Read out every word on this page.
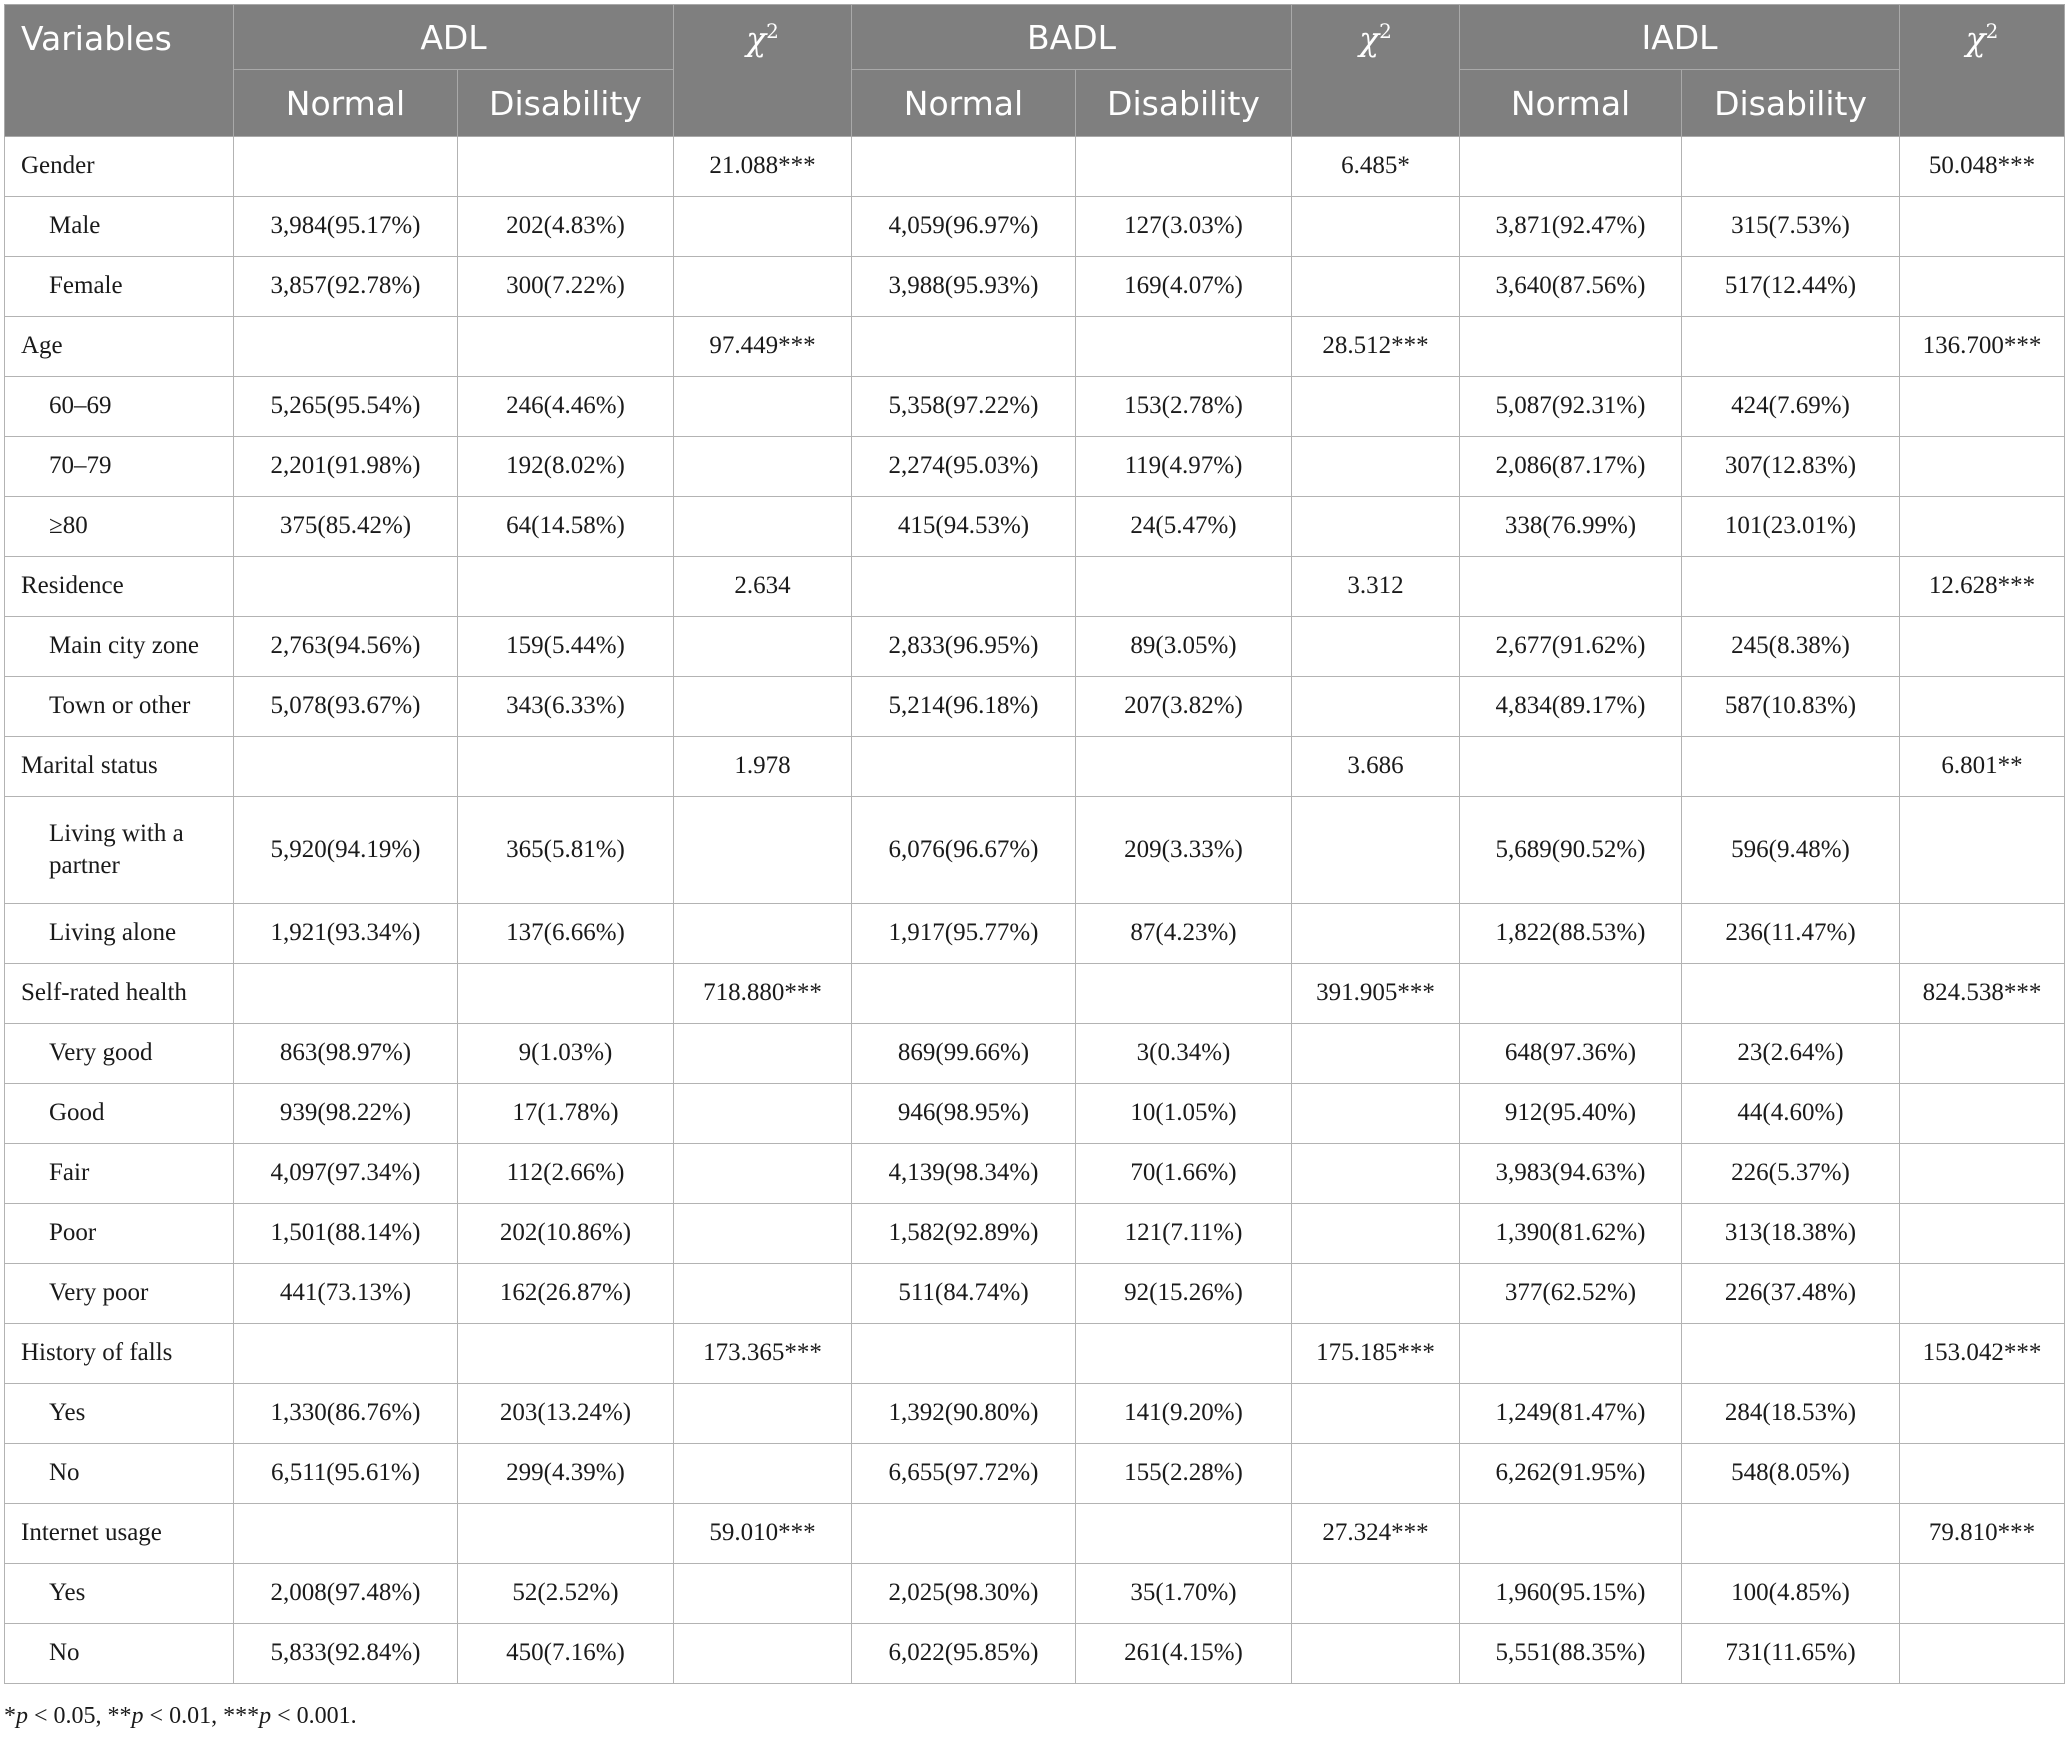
Variables	ADL		$\chi^2$	BADL		$\chi^2$	IADL		$\chi^2$
	Normal	Disability		Normal	Disability		Normal	Disability	
Gender			21.088***			6.485*			50.048***
Male	3,984(95.17%)	202(4.83%)		4,059(96.97%)	127(3.03%)		3,871(92.47%)	315(7.53%)	
Female	3,857(92.78%)	300(7.22%)		3,988(95.93%)	169(4.07%)		3,640(87.56%)	517(12.44%)	
Age			97.449***			28.512***			136.700***
60–69	5,265(95.54%)	246(4.46%)		5,358(97.22%)	153(2.78%)		5,087(92.31%)	424(7.69%)	
70–79	2,201(91.98%)	192(8.02%)		2,274(95.03%)	119(4.97%)		2,086(87.17%)	307(12.83%)	
≥80	375(85.42%)	64(14.58%)		415(94.53%)	24(5.47%)		338(76.99%)	101(23.01%)	
Residence			2.634			3.312			12.628***
Main city zone	2,763(94.56%)	159(5.44%)		2,833(96.95%)	89(3.05%)		2,677(91.62%)	245(8.38%)	
Town or other	5,078(93.67%)	343(6.33%)		5,214(96.18%)	207(3.82%)		4,834(89.17%)	587(10.83%)	
Marital status			1.978			3.686			6.801**
Living with a partner	5,920(94.19%)	365(5.81%)		6,076(96.67%)	209(3.33%)		5,689(90.52%)	596(9.48%)	
Living alone	1,921(93.34%)	137(6.66%)		1,917(95.77%)	87(4.23%)		1,822(88.53%)	236(11.47%)	
Self-rated health			718.880***			391.905***			824.538***
Very good	863(98.97%)	9(1.03%)		869(99.66%)	3(0.34%)		648(97.36%)	23(2.64%)	
Good	939(98.22%)	17(1.78%)		946(98.95%)	10(1.05%)		912(95.40%)	44(4.60%)	
Fair	4,097(97.34%)	112(2.66%)		4,139(98.34%)	70(1.66%)		3,983(94.63%)	226(5.37%)	
Poor	1,501(88.14%)	202(10.86%)		1,582(92.89%)	121(7.11%)		1,390(81.62%)	313(18.38%)	
Very poor	441(73.13%)	162(26.87%)		511(84.74%)	92(15.26%)		377(62.52%)	226(37.48%)	
History of falls			173.365***			175.185***			153.042***
Yes	1,330(86.76%)	203(13.24%)		1,392(90.80%)	141(9.20%)		1,249(81.47%)	284(18.53%)	
No	6,511(95.61%)	299(4.39%)		6,655(97.72%)	155(2.28%)		6,262(91.95%)	548(8.05%)	
Internet usage			59.010***			27.324***			79.810***
Yes	2,008(97.48%)	52(2.52%)		2,025(98.30%)	35(1.70%)		1,960(95.15%)	100(4.85%)	
No	5,833(92.84%)	450(7.16%)		6,022(95.85%)	261(4.15%)		5,551(88.35%)	731(11.65%)	
*p < 0.05, **p < 0.01, ***p < 0.001.
